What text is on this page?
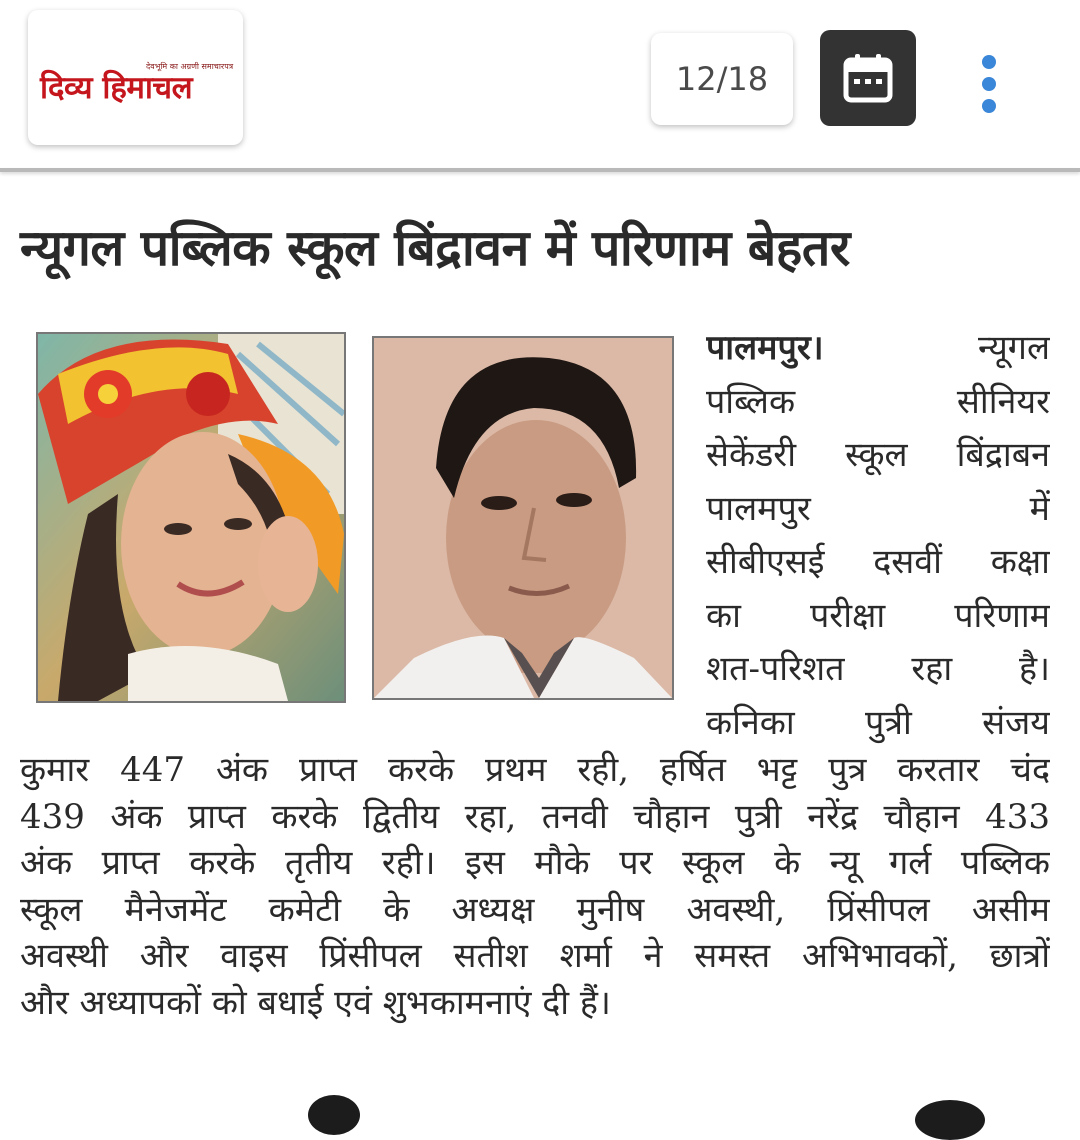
देवभूमि का अग्रणी समाचारपत्र
दिव्य हिमाचल	12/18
न्यूगल पब्लिक स्कूल बिंद्रावन में परिणाम बेहतर
पालमपुर।	न्यूगल
पब्लिक सीनियर
सेकेंडरी स्कूल बिंद्राबन
पालमपुर में
सीबीएसई दसवीं कक्षा
का परीक्षा परिणाम
शत-परिशत रहा है।
कनिका पुत्री संजय
कुमार 447 अंक प्राप्त करके प्रथम रही, हर्षित भट्ट पुत्र करतार चंद
439 अंक प्राप्त करके द्वितीय रहा, तनवी चौहान पुत्री नरेंद्र चौहान 433
अंक प्राप्त करके तृतीय रही। इस मौके पर स्कूल के न्यू गर्ल पब्लिक
स्कूल मैनेजमेंट कमेटी के अध्यक्ष मुनीष अवस्थी, प्रिंसीपल असीम
अवस्थी और वाइस प्रिंसीपल सतीश शर्मा ने समस्त अभिभावकों, छात्रों
और अध्यापकों को बधाई एवं शुभकामनाएं दी हैं।
